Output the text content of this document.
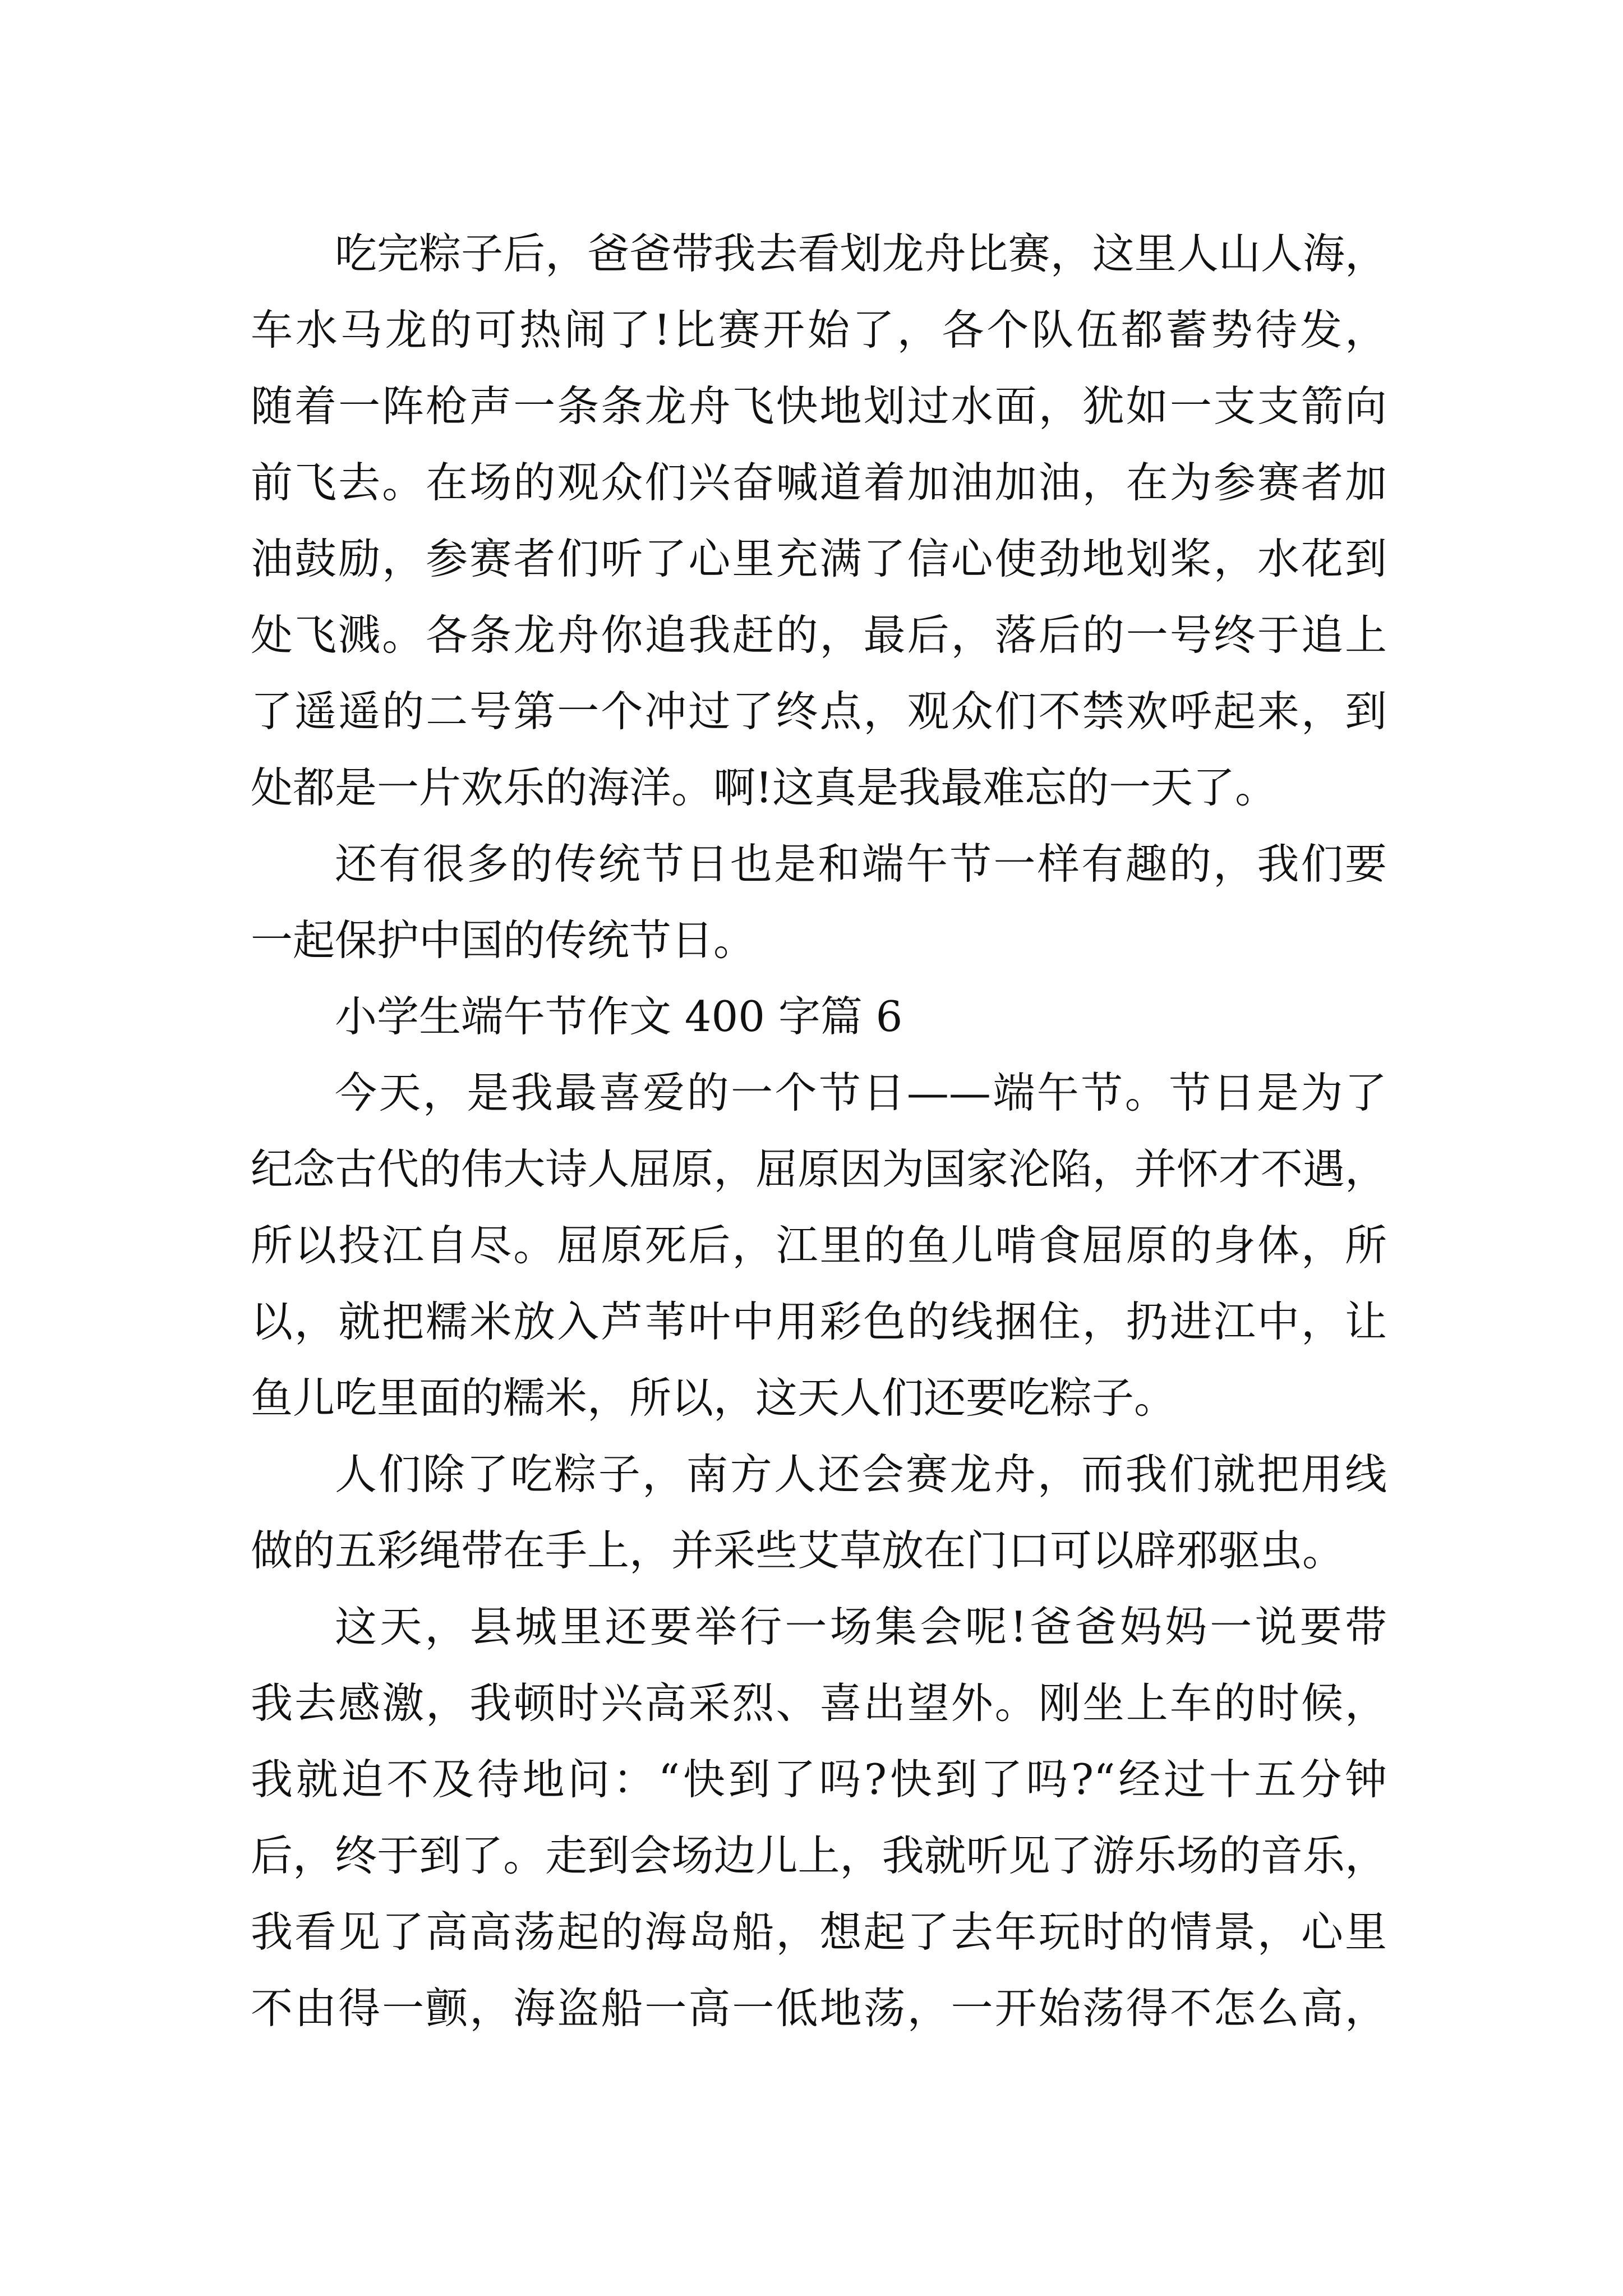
吃完粽子后，爸爸带我去看划龙舟比赛，这里人山人海，
车水马龙的可热闹了!比赛开始了，各个队伍都蓄势待发，
随着一阵枪声一条条龙舟飞快地划过水面，犹如一支支箭向
前飞去。在场的观众们兴奋喊道着加油加油，在为参赛者加
油鼓励，参赛者们听了心里充满了信心使劲地划桨，水花到
处飞溅。各条龙舟你追我赶的，最后，落后的一号终于追上
了遥遥的二号第一个冲过了终点，观众们不禁欢呼起来，到
处都是一片欢乐的海洋。啊!这真是我最难忘的一天了。
还有很多的传统节日也是和端午节一样有趣的，我们要
一起保护中国的传统节日。
小学生端午节作文 400 字篇 6
今天，是我最喜爱的一个节日——端午节。节日是为了
纪念古代的伟大诗人屈原，屈原因为国家沦陷，并怀才不遇，
所以投江自尽。屈原死后，江里的鱼儿啃食屈原的身体，所
以，就把糯米放入芦苇叶中用彩色的线捆住，扔进江中，让
鱼儿吃里面的糯米，所以，这天人们还要吃粽子。
人们除了吃粽子，南方人还会赛龙舟，而我们就把用线
做的五彩绳带在手上，并采些艾草放在门口可以辟邪驱虫。
这天，县城里还要举行一场集会呢!爸爸妈妈一说要带
我去感激，我顿时兴高采烈、喜出望外。刚坐上车的时候，
我就迫不及待地问：“快到了吗?快到了吗?“经过十五分钟
后，终于到了。走到会场边儿上，我就听见了游乐场的音乐，
我看见了高高荡起的海岛船，想起了去年玩时的情景，心里
不由得一颤，海盗船一高一低地荡，一开始荡得不怎么高，
